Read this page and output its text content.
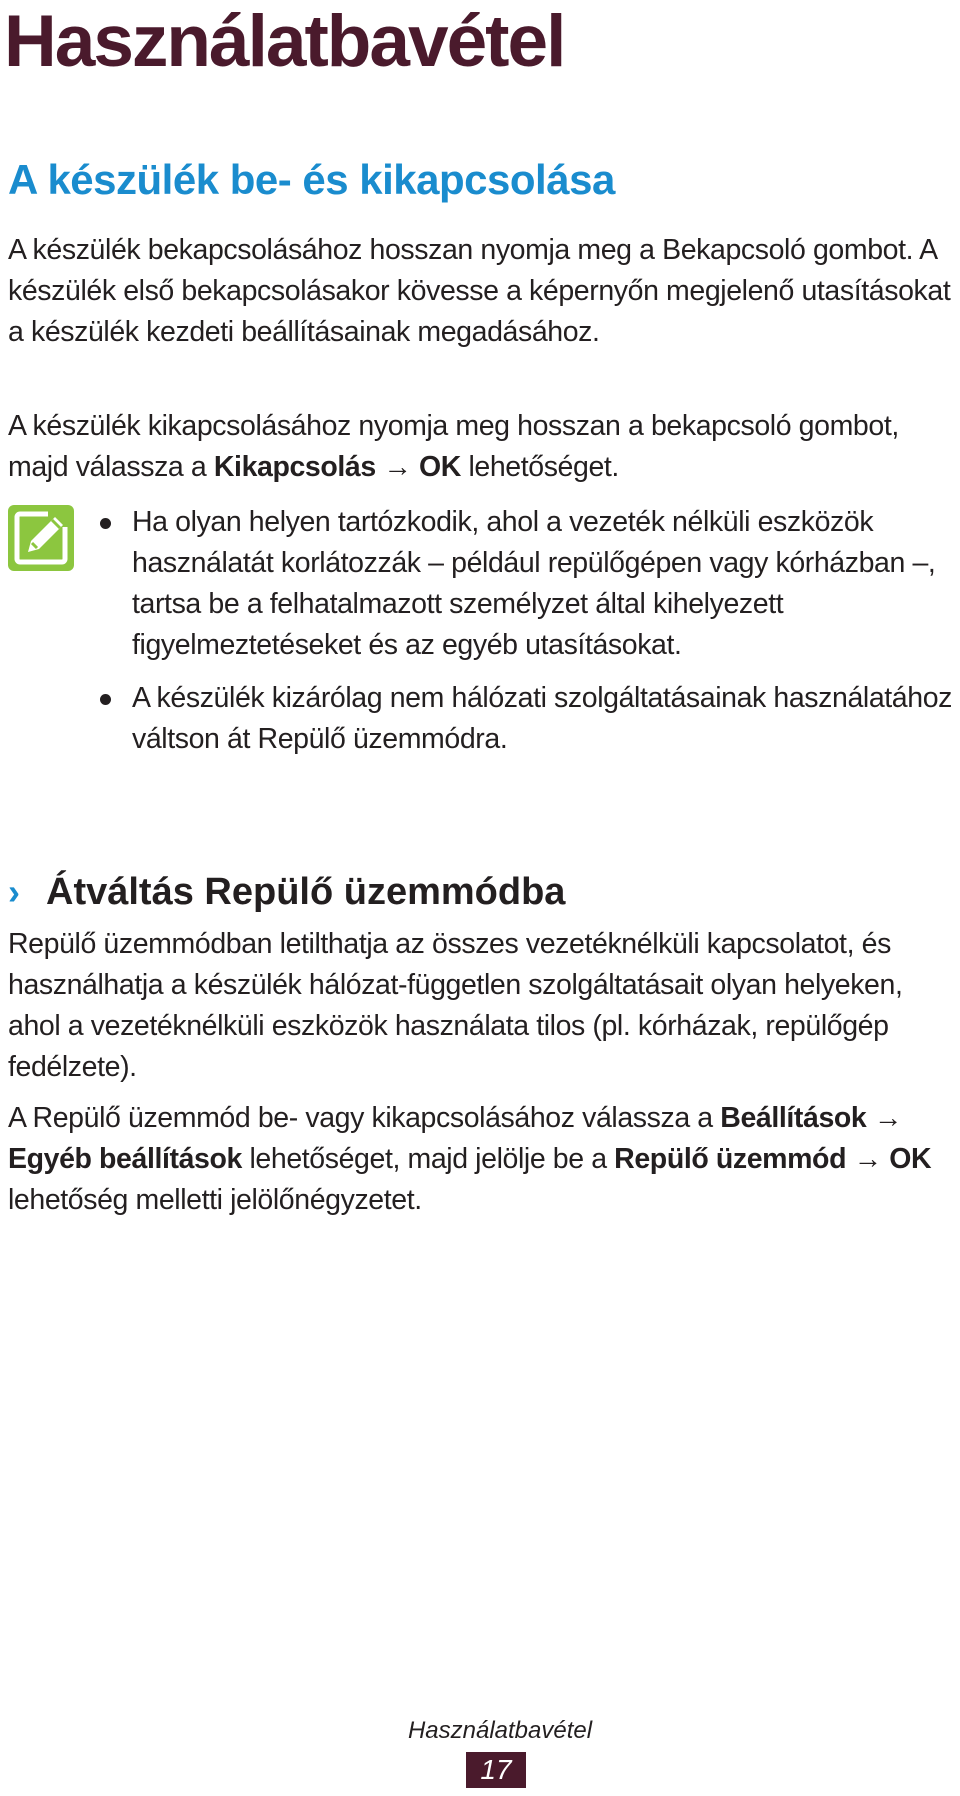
Használatbavétel
A készülék be- és kikapcsolása

A készülék bekapcsolásához hosszan nyomja meg a Bekapcsoló gombot. A készülék első bekapcsolásakor kövesse a képernyőn megjelenő utasításokat a készülék kezdeti beállításainak megadásához.

A készülék kikapcsolásához nyomja meg hosszan a bekapcsoló gombot, majd válassza a Kikapcsolás → OK lehetőséget.

Ha olyan helyen tartózkodik, ahol a vezeték nélküli eszközök használatát korlátozzák – például repülőgépen vagy kórházban –, tartsa be a felhatalmazott személyzet által kihelyezett figyelmeztetéseket és az egyéb utasításokat.
A készülék kizárólag nem hálózati szolgáltatásainak használatához váltson át Repülő üzemmódra.
› Átváltás Repülő üzemmódba

Repülő üzemmódban letilthatja az összes vezetéknélküli kapcsolatot, és használhatja a készülék hálózat-független szolgáltatásait olyan helyeken, ahol a vezetéknélküli eszközök használata tilos (pl. kórházak, repülőgép fedélzete).

A Repülő üzemmód be- vagy kikapcsolásához válassza a Beállítások → Egyéb beállítások lehetőséget, majd jelölje be a Repülő üzemmód → OK lehetőség melletti jelölőnégyzetet.

Használatbavétel
17
